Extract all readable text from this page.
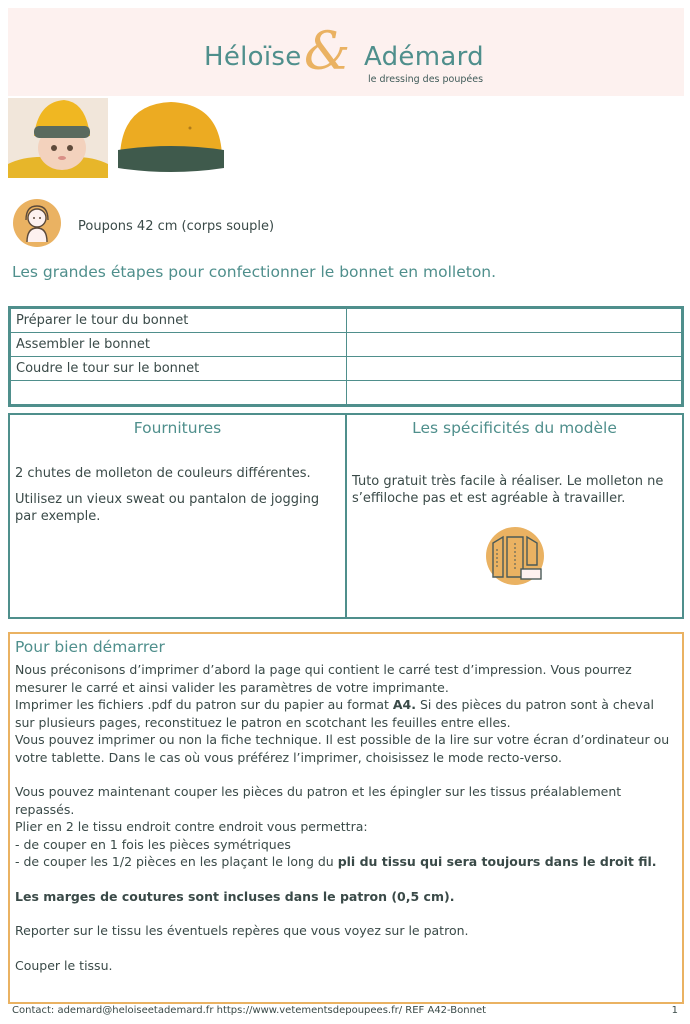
Héloïse & Adémard
le dressing des poupées
Poupons 42 cm (corps souple)
Les grandes étapes pour confectionner le bonnet en molleton.
Préparer le tour du bonnet	
Assembler le bonnet	
Coudre le tour sur le bonnet	

Fournitures
2 chutes de molleton de couleurs différentes.
Utilisez un vieux sweat ou pantalon de jogging par exemple.
Les spécificités du modèle
Tuto gratuit très facile à réaliser. Le molleton ne s’effiloche pas et est agréable à travailler.
Pour bien démarrer

Nous préconisons d’imprimer d’abord la page qui contient le carré test d’impression. Vous pourrez mesurer le carré et ainsi valider les paramètres de votre imprimante.

Imprimer les fichiers .pdf du patron sur du papier au format A4. Si des pièces du patron sont à cheval sur plusieurs pages, reconstituez le patron en scotchant les feuilles entre elles.

Vous pouvez imprimer ou non la fiche technique. Il est possible de la lire sur votre écran d’ordinateur ou votre tablette. Dans le cas où vous préférez l’imprimer, choisissez le mode recto-verso.

Vous pouvez maintenant couper les pièces du patron et les épingler sur les tissus préalablement repassés.

Plier en 2 le tissu endroit contre endroit vous permettra:

- de couper en 1 fois les pièces symétriques

- de couper les 1/2 pièces en les plaçant le long du pli du tissu qui sera toujours dans le droit fil.

Les marges de coutures sont incluses dans le patron (0,5 cm).

Reporter sur le tissu les éventuels repères que vous voyez sur le patron.

Couper le tissu.

Contact: ademard@heloiseetademard.fr https://www.vetementsdepoupees.fr/ REF A42-Bonnet	1
